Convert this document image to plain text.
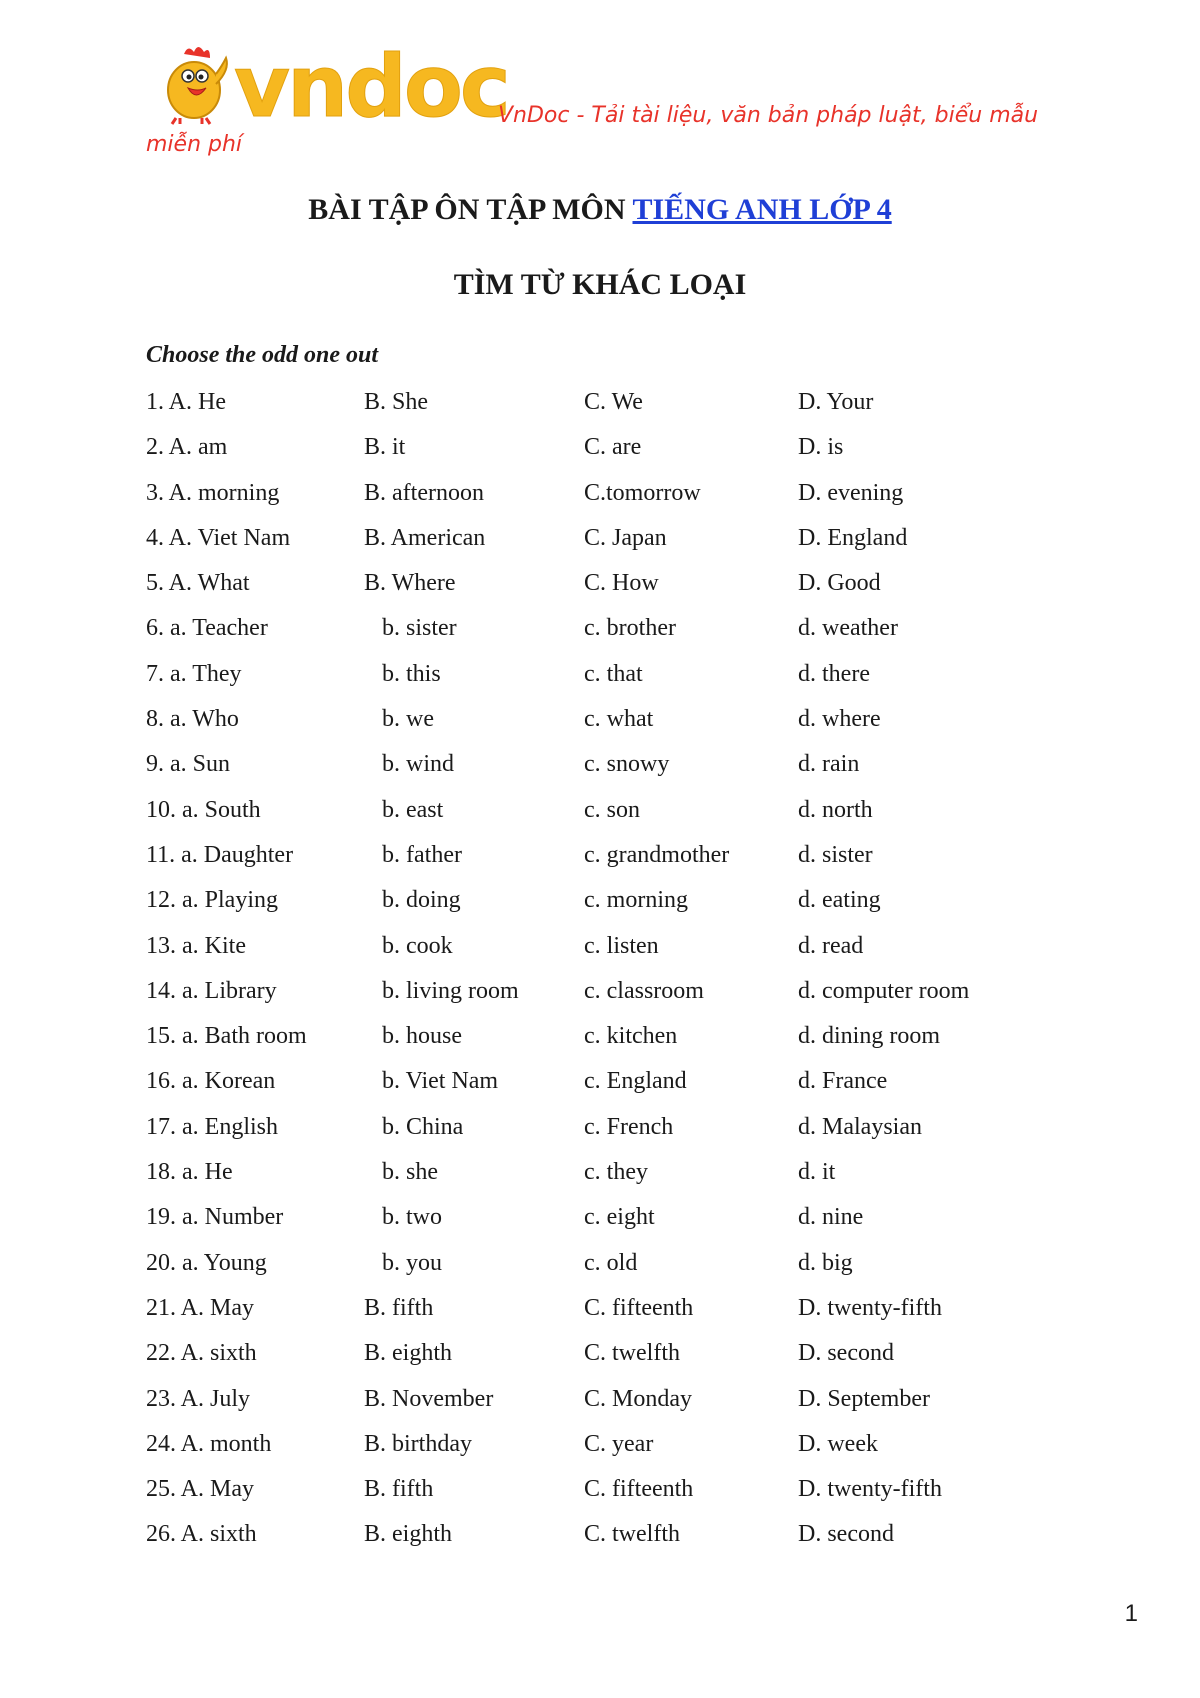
vndoc
VnDoc - Tải tài liệu, văn bản pháp luật, biểu mẫu
miễn phí
BÀI TẬP ÔN TẬP MÔN TIẾNG ANH LỚP 4
TÌM TỪ KHÁC LOẠI
Choose the odd one out
1. A. He	B. She	C. We	D. Your
2. A. am	B. it	C. are	D. is
3. A. morning	B. afternoon	C.tomorrow	D. evening
4. A. Viet Nam	B. American	C. Japan	D. England
5. A. What	B. Where	C. How	D. Good
6. a. Teacher	b. sister	c. brother	d. weather
7. a. They	b. this	c. that	d. there
8. a. Who	b. we	c. what	d. where
9. a. Sun	b. wind	c. snowy	d. rain
10. a. South	b. east	c. son	d. north
11. a. Daughter	b. father	c. grandmother	d. sister
12. a. Playing	b. doing	c. morning	d. eating
13. a. Kite	b. cook	c. listen	d. read
14. a. Library	b. living room	c. classroom	d. computer room
15. a. Bath room	b. house	c. kitchen	d. dining room
16. a. Korean	b. Viet Nam	c. England	d. France
17. a. English	b. China	c. French	d. Malaysian
18. a. He	b. she	c. they	d. it
19. a. Number	b. two	c. eight	d. nine
20. a. Young	b. you	c. old	d. big
21. A. May	B. fifth	C. fifteenth	D. twenty-fifth
22. A. sixth	B. eighth	C. twelfth	D. second
23. A. July	B. November	C. Monday	D. September
24. A. month	B. birthday	C. year	D. week
25. A. May	B. fifth	C. fifteenth	D. twenty-fifth
26. A. sixth	B. eighth	C. twelfth	D. second
1
